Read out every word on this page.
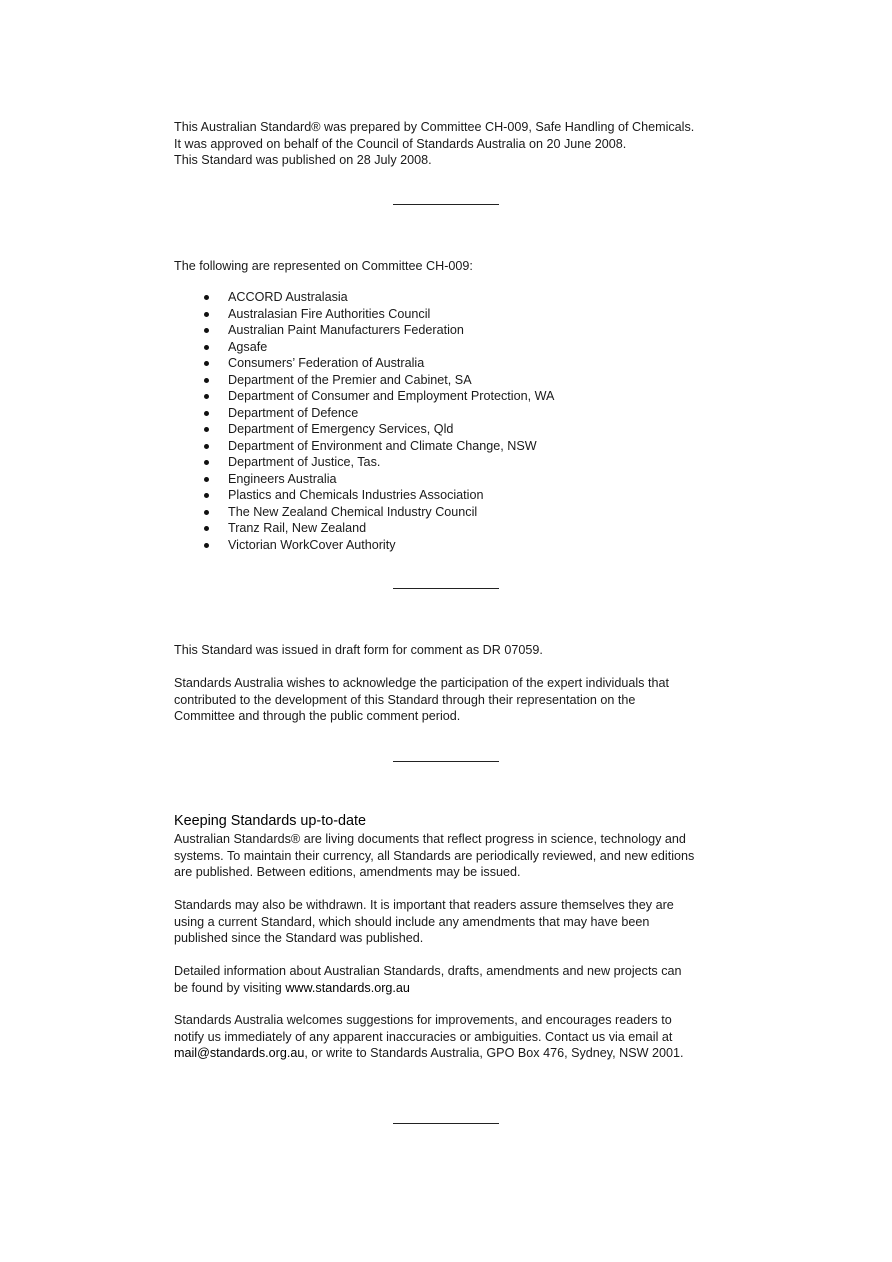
This Australian Standard® was prepared by Committee CH-009, Safe Handling of Chemicals.

It was approved on behalf of the Council of Standards Australia on 20 June 2008.

This Standard was published on 28 July 2008.

The following are represented on Committee CH-009:

ACCORD Australasia
Australasian Fire Authorities Council
Australian Paint Manufacturers Federation
Agsafe
Consumers’ Federation of Australia
Department of the Premier and Cabinet, SA
Department of Consumer and Employment Protection, WA
Department of Defence
Department of Emergency Services, Qld
Department of Environment and Climate Change, NSW
Department of Justice, Tas.
Engineers Australia
Plastics and Chemicals Industries Association
The New Zealand Chemical Industry Council
Tranz Rail, New Zealand
Victorian WorkCover Authority

This Standard was issued in draft form for comment as DR 07059.

Standards Australia wishes to acknowledge the participation of the expert individuals that

contributed to the development of this Standard through their representation on the

Committee and through the public comment period.

Keeping Standards up-to-date

Australian Standards® are living documents that reflect progress in science, technology and

systems. To maintain their currency, all Standards are periodically reviewed, and new editions

are published. Between editions, amendments may be issued.

Standards may also be withdrawn. It is important that readers assure themselves they are

using a current Standard, which should include any amendments that may have been

published since the Standard was published.

Detailed information about Australian Standards, drafts, amendments and new projects can

be found by visiting www.standards.org.au

Standards Australia welcomes suggestions for improvements, and encourages readers to

notify us immediately of any apparent inaccuracies or ambiguities. Contact us via email at

mail@standards.org.au, or write to Standards Australia, GPO Box 476, Sydney, NSW 2001.
